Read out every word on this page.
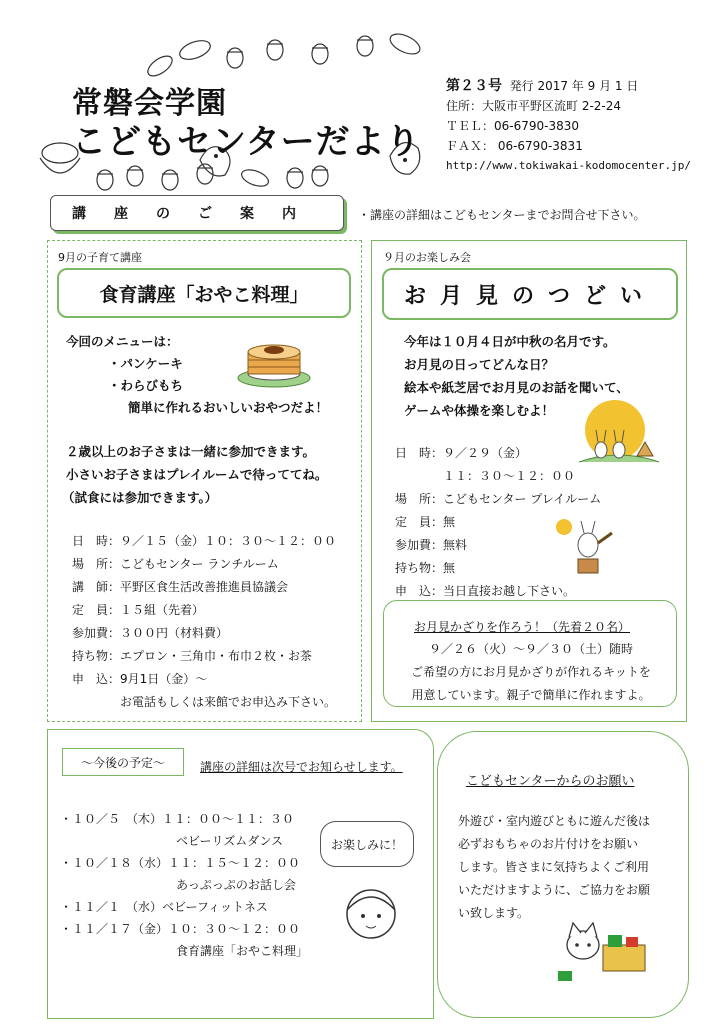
常磐会学園
こどもセンターだより
第２３号 発行 2017 年 9 月 1 日
住所：大阪市平野区流町 2-2-24
ＴＥＬ：06-6790-3830
ＦＡＸ： 06-6790-3831
http://www.tokiwakai-kodomocenter.jp/
講座のご案内	・講座の詳細はこどもセンターまでお問合せ下さい。
9月の子育て講座
食育講座「おやこ料理」
今回のメニューは：
・パンケーキ
・わらびもち
簡単に作れるおいしいおやつだよ！
２歳以上のお子さまは一緒に参加できます。
小さいお子さまはプレイルームで待っててね。
（試食には参加できます。）
日　時：９／１５（金）１０：３０～１２：００
場　所：こどもセンター ランチルーム
講　師：平野区食生活改善推進員協議会
定　員：１５組（先着）
参加費：３００円（材料費）
持ち物：エプロン・三角巾・布巾２枚・お茶
申　込：9月1日（金）～
　　　　お電話もしくは来館でお申込み下さい。
９月のお楽しみ会
お月見のつどい
今年は１０月４日が中秋の名月です。
お月見の日ってどんな日？
絵本や紙芝居でお月見のお話を聞いて、
ゲームや体操を楽しむよ！
日　時：９／２９（金）
　　　　１１：３０～１２：００
場　所：こどもセンター プレイルーム
定　員：無
参加費：無料
持ち物：無
申　込：当日直接お越し下さい。
お月見かざりを作ろう！（先着２０名）
９／２６（火）～９／３０（土）随時
ご希望の方にお月見かざりが作れるキットを
用意しています。親子で簡単に作れますよ。
～今後の予定～	講座の詳細は次号でお知らせします。
・１０／５　（木）１１：００～１１：３０
ベビーリズムダンス
・１０／１８（水）１１：１５～１２：００
あっぷっぷのお話し会
・１１／１　（水）ベビーフィットネス
・１１／１７（金）１０：３０～１２：００
食育講座「おやこ料理」
お楽しみに！
こどもセンターからのお願い
外遊び・室内遊びともに遊んだ後は
必ずおもちゃのお片付けをお願い
します。皆さまに気持ちよくご利用
いただけますように、ご協力をお願
い致します。
